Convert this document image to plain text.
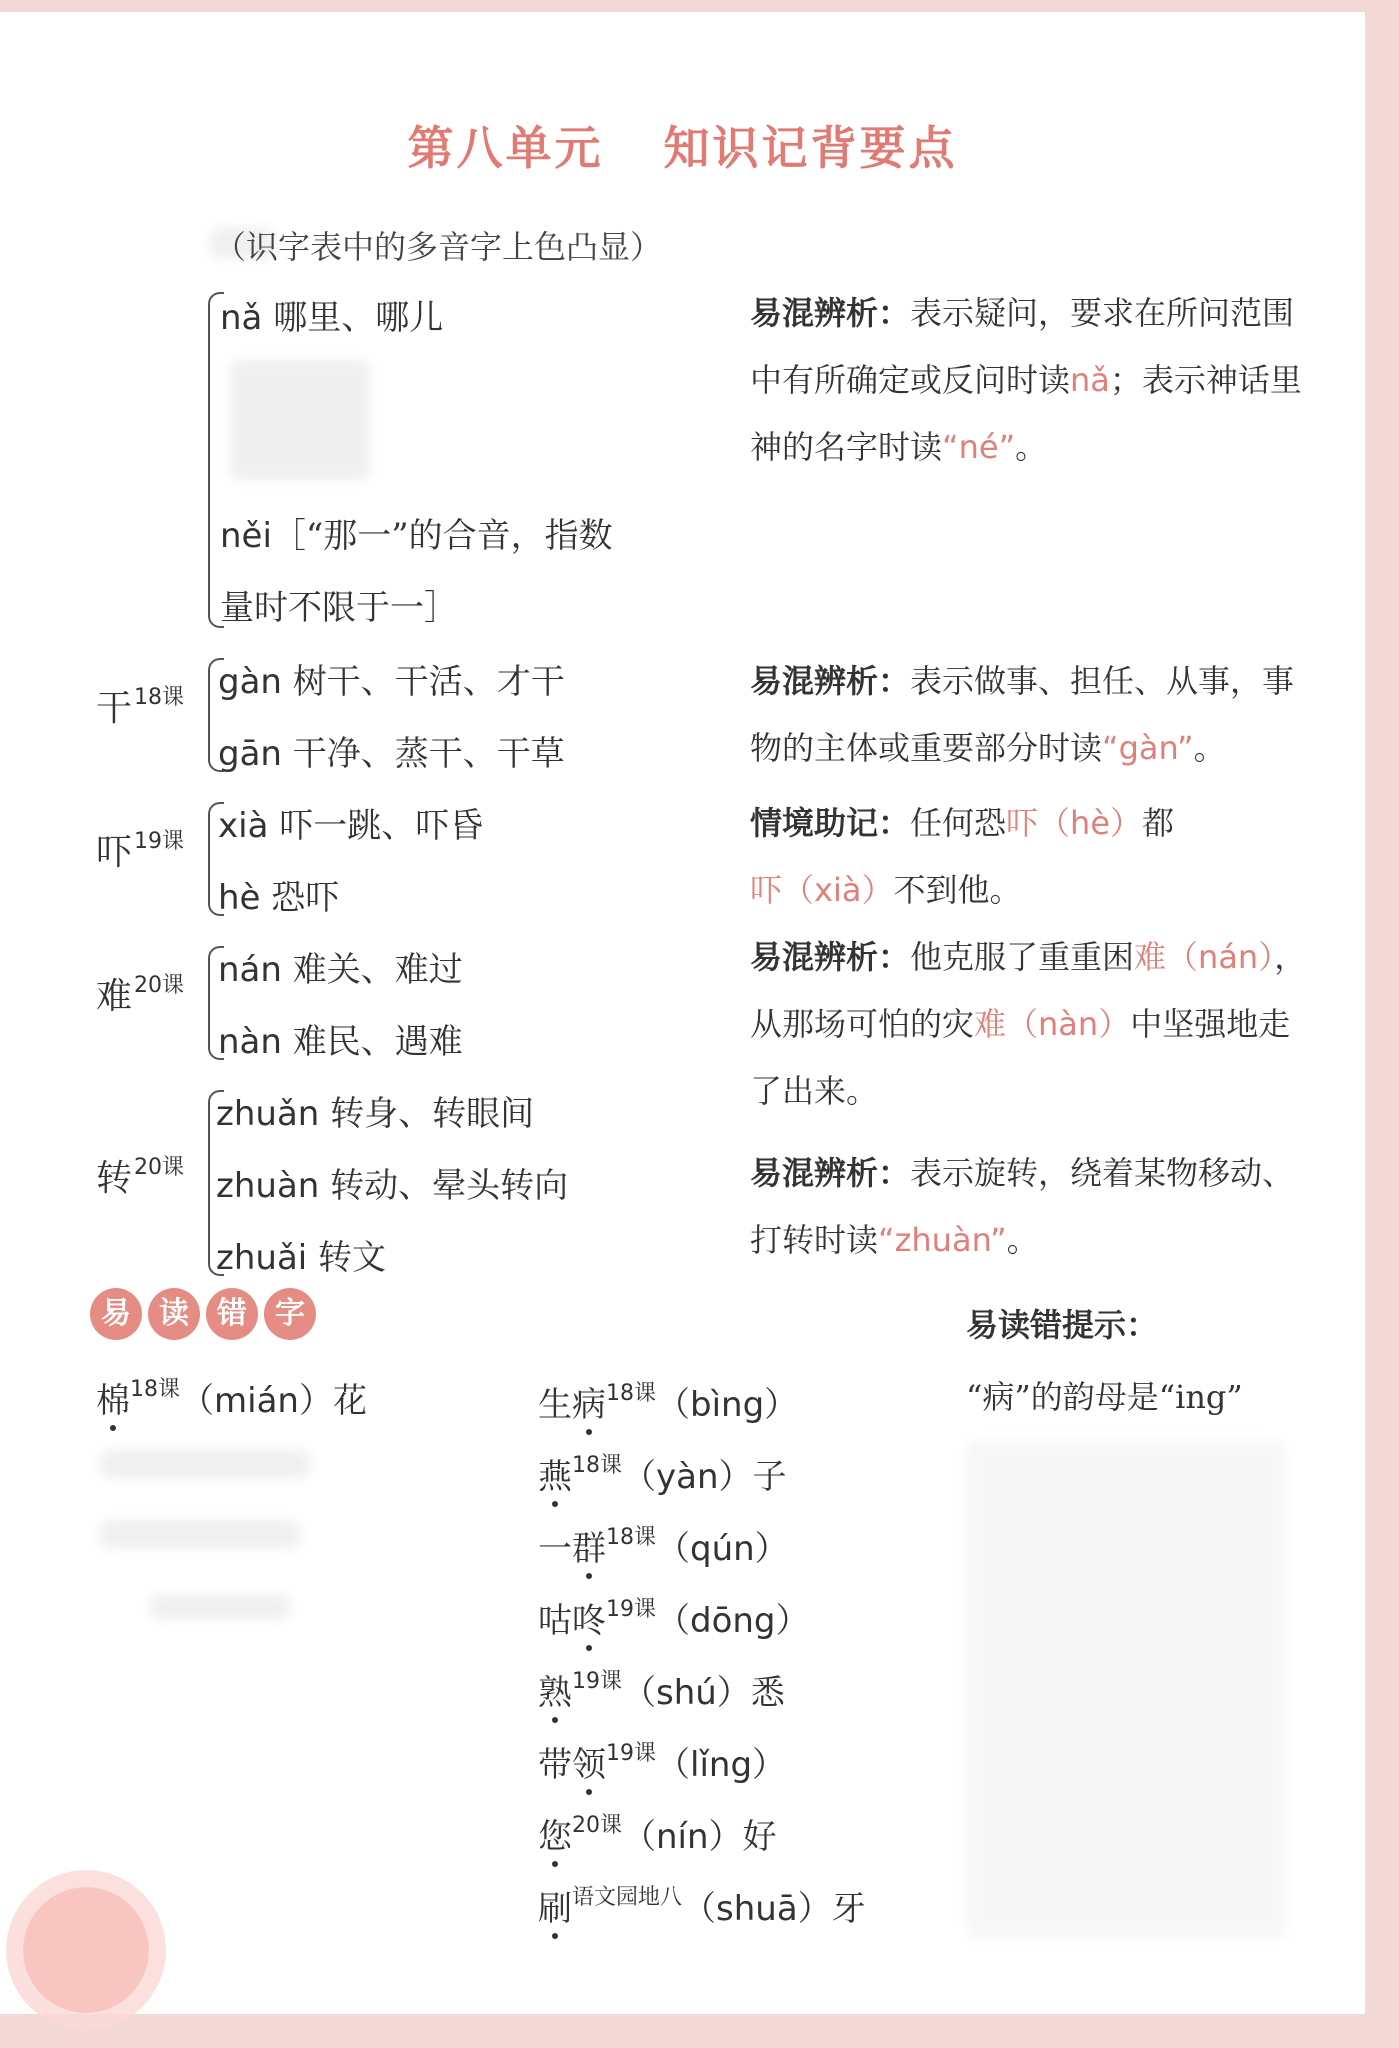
第八单元 知识记背要点
（识字表中的多音字上色凸显）
nǎ 哪里、哪儿
něi［“那一”的合音，指数
量时不限于一］
易混辨析：表示疑问，要求在所问范围中有所确定或反问时读nǎ；表示神话里神的名字时读“né”。
干$^{18课}$ gàn 树干、干活、才干
gān 干净、蒸干、干草
易混辨析：表示做事、担任、从事，事物的主体或重要部分时读“gàn”。
吓$^{19课}$ xià 吓一跳、吓昏
hè 恐吓
情境助记：任何恐吓（hè）都吓（xià）不到他。
难$^{20课}$ nán 难关、难过
nàn 难民、遇难
易混辨析：他克服了重重困难（nán），从那场可怕的灾难（nàn）中坚强地走了出来。
转$^{20课}$
zhuǎn 转身、转眼间
zhuàn 转动、晕头转向
zhuǎi 转文
易混辨析：表示旋转，绕着某物移动、打转时读“zhuàn”。
易 读 错 字
棉$^{18课}$（mián）花	生病$^{18课}$（bìng）
燕$^{18课}$（yàn）子
一群$^{18课}$（qún）
咕咚$^{19课}$（dōng）
熟$^{19课}$（shú）悉
带领$^{19课}$（lǐng）
您$^{20课}$（nín）好
刷$^{语文园地八}$（shuā）牙
易读错提示：
“病”的韵母是“ing”
